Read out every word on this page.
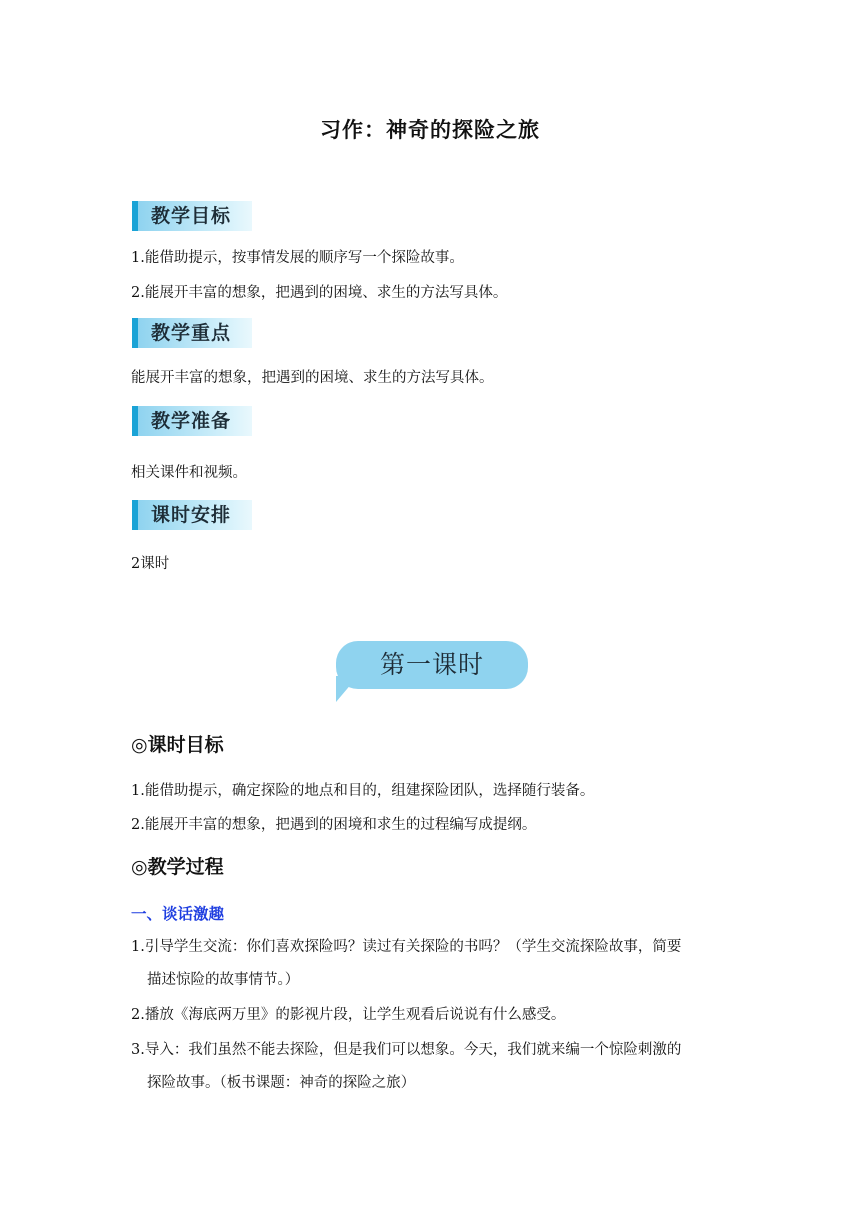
习作：神奇的探险之旅
教学目标
1.能借助提示，按事情发展的顺序写一个探险故事。
2.能展开丰富的想象，把遇到的困境、求生的方法写具体。
教学重点
能展开丰富的想象，把遇到的困境、求生的方法写具体。
教学准备
相关课件和视频。
课时安排
2课时
第一课时
◎课时目标
1.能借助提示，确定探险的地点和目的，组建探险团队，选择随行装备。
2.能展开丰富的想象，把遇到的困境和求生的过程编写成提纲。
◎教学过程
一、谈话激趣
1.引导学生交流：你们喜欢探险吗？读过有关探险的书吗？（学生交流探险故事，简要
描述惊险的故事情节。）
2.播放《海底两万里》的影视片段，让学生观看后说说有什么感受。
3.导入：我们虽然不能去探险，但是我们可以想象。今天，我们就来编一个惊险刺激的
探险故事。（板书课题：神奇的探险之旅）
